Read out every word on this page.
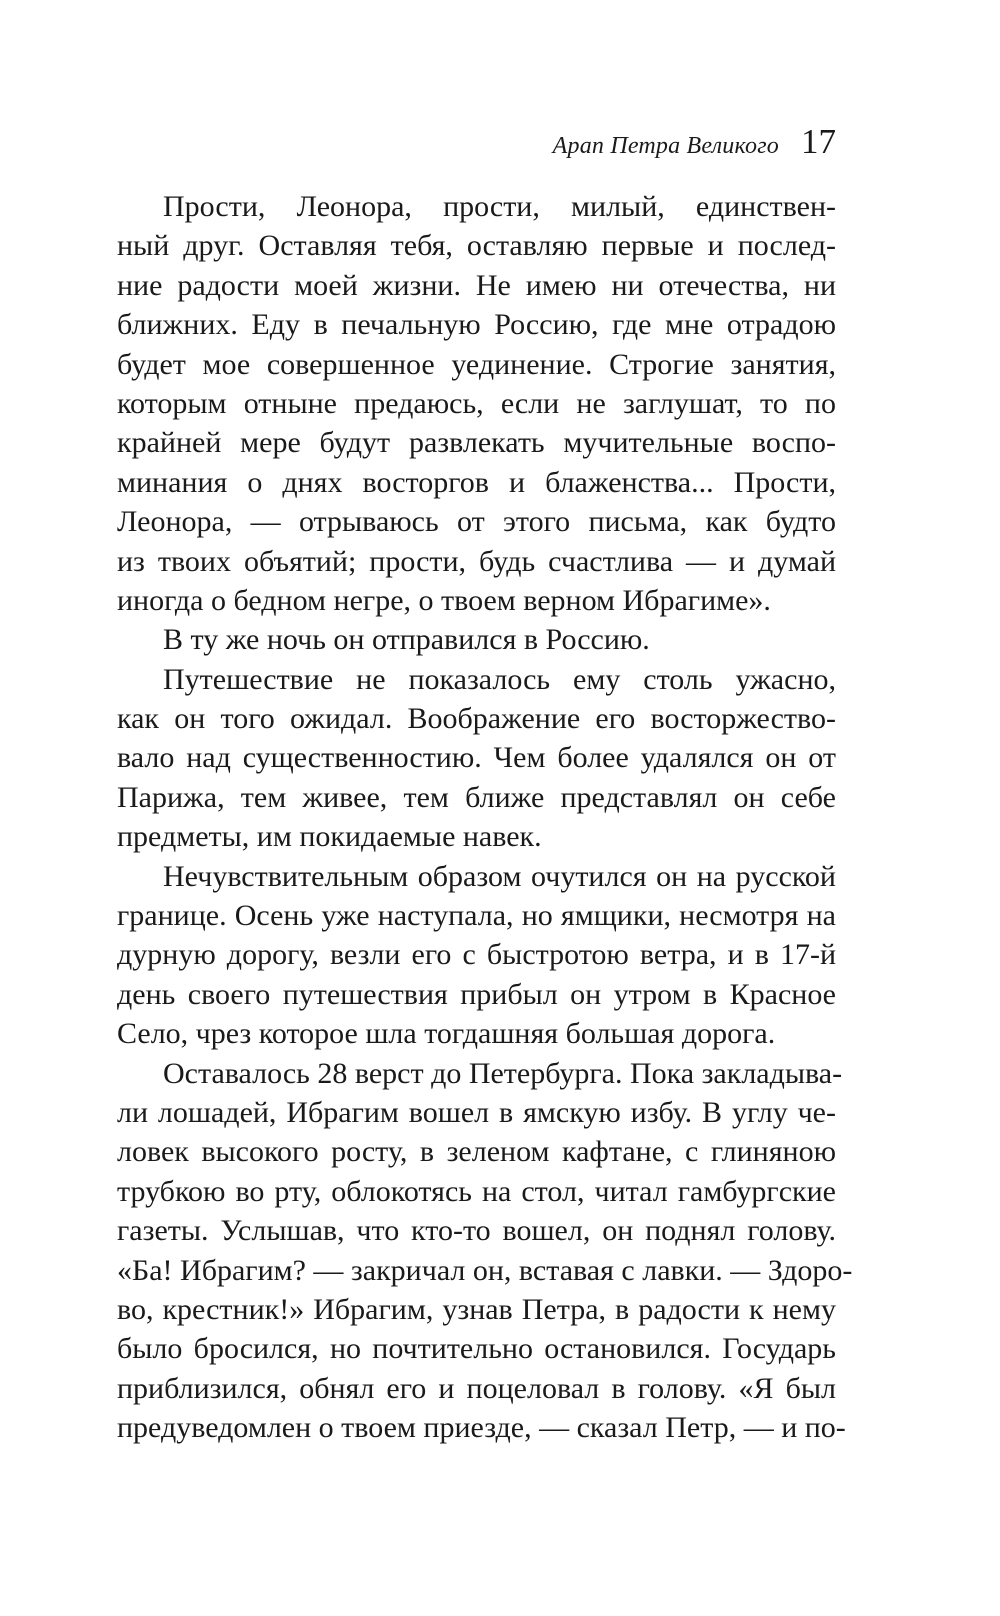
Арап Петра Великого 17
Прости, Леонора, прости, милый, единствен-
ный друг. Оставляя тебя, оставляю первые и послед-
ние радости моей жизни. Не имею ни отечества, ни
ближних. Еду в печальную Россию, где мне отрадою
будет мое совершенное уединение. Строгие занятия,
которым отныне предаюсь, если не заглушат, то по
крайней мере будут развлекать мучительные воспо-
минания о днях восторгов и блаженства... Прости,
Леонора, — отрываюсь от этого письма, как будто
из твоих объятий; прости, будь счастлива — и думай
иногда о бедном негре, о твоем верном Ибрагиме».
В ту же ночь он отправился в Россию.
Путешествие не показалось ему столь ужасно,
как он того ожидал. Воображение его восторжество-
вало над существенностию. Чем более удалялся он от
Парижа, тем живее, тем ближе представлял он себе
предметы, им покидаемые навек.
Нечувствительным образом очутился он на русской
границе. Осень уже наступала, но ямщики, несмотря на
дурную дорогу, везли его с быстротою ветра, и в 17-й
день своего путешествия прибыл он утром в Красное
Село, чрез которое шла тогдашняя большая дорога.
Оставалось 28 верст до Петербурга. Пока закладыва-
ли лошадей, Ибрагим вошел в ямскую избу. В углу че-
ловек высокого росту, в зеленом кафтане, с глиняною
трубкою во рту, облокотясь на стол, читал гамбургские
газеты. Услышав, что кто-то вошел, он поднял голову.
«Ба! Ибрагим? — закричал он, вставая с лавки. — Здоро-
во, крестник!» Ибрагим, узнав Петра, в радости к нему
было бросился, но почтительно остановился. Государь
приблизился, обнял его и поцеловал в голову. «Я был
предуведомлен о твоем приезде, — сказал Петр, — и по-
